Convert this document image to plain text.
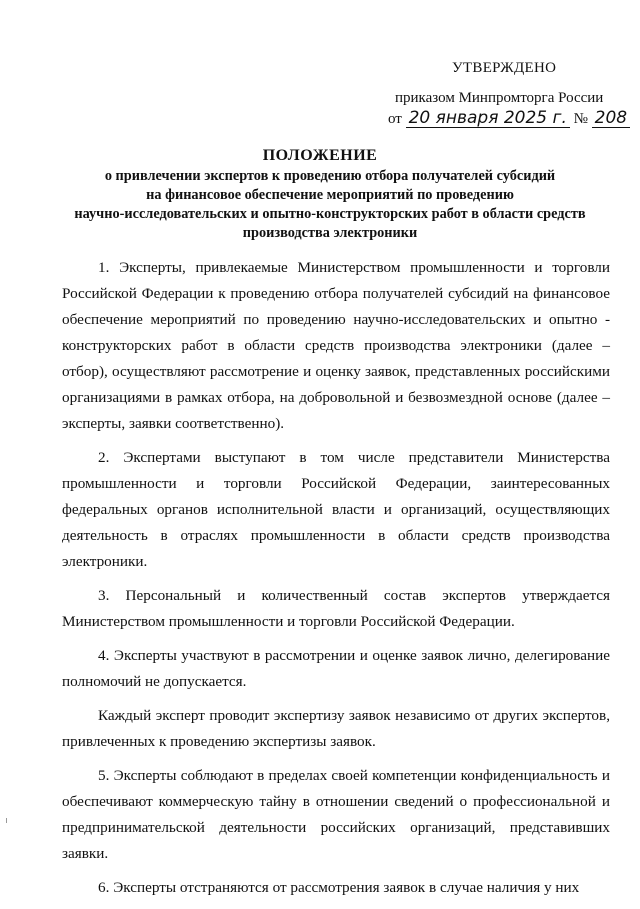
УТВЕРЖДЕНО
приказом Минпромторга России
от 20 января 2025 г. № 208
ПОЛОЖЕНИЕ
о привлечении экспертов к проведению отбора получателей субсидий
на финансовое обеспечение мероприятий по проведению
научно-исследовательских и опытно-конструкторских работ в области средств
производства электроники

1. Эксперты, привлекаемые Министерством промышленности и торговли Российской Федерации к проведению отбора получателей субсидий на финансовое обеспечение мероприятий по проведению научно-исследовательских и опытно - конструкторских работ в области средств производства электроники (далее – отбор), осуществляют рассмотрение и оценку заявок, представленных российскими организациями в рамках отбора, на добровольной и безвозмездной основе (далее – эксперты, заявки соответственно).

2. Экспертами выступают в том числе представители Министерства промышленности и торговли Российской Федерации, заинтересованных федеральных органов исполнительной власти и организаций, осуществляющих деятельность в отраслях промышленности в области средств производства электроники.

3. Персональный и количественный состав экспертов утверждается Министерством промышленности и торговли Российской Федерации.

4. Эксперты участвуют в рассмотрении и оценке заявок лично, делегирование полномочий не допускается.

Каждый эксперт проводит экспертизу заявок независимо от других экспертов, привлеченных к проведению экспертизы заявок.

5. Эксперты соблюдают в пределах своей компетенции конфиденциальность и обеспечивают коммерческую тайну в отношении сведений о профессиональной и предпринимательской деятельности российских организаций, представивших заявки.

6. Эксперты отстраняются от рассмотрения заявок в случае наличия у них
